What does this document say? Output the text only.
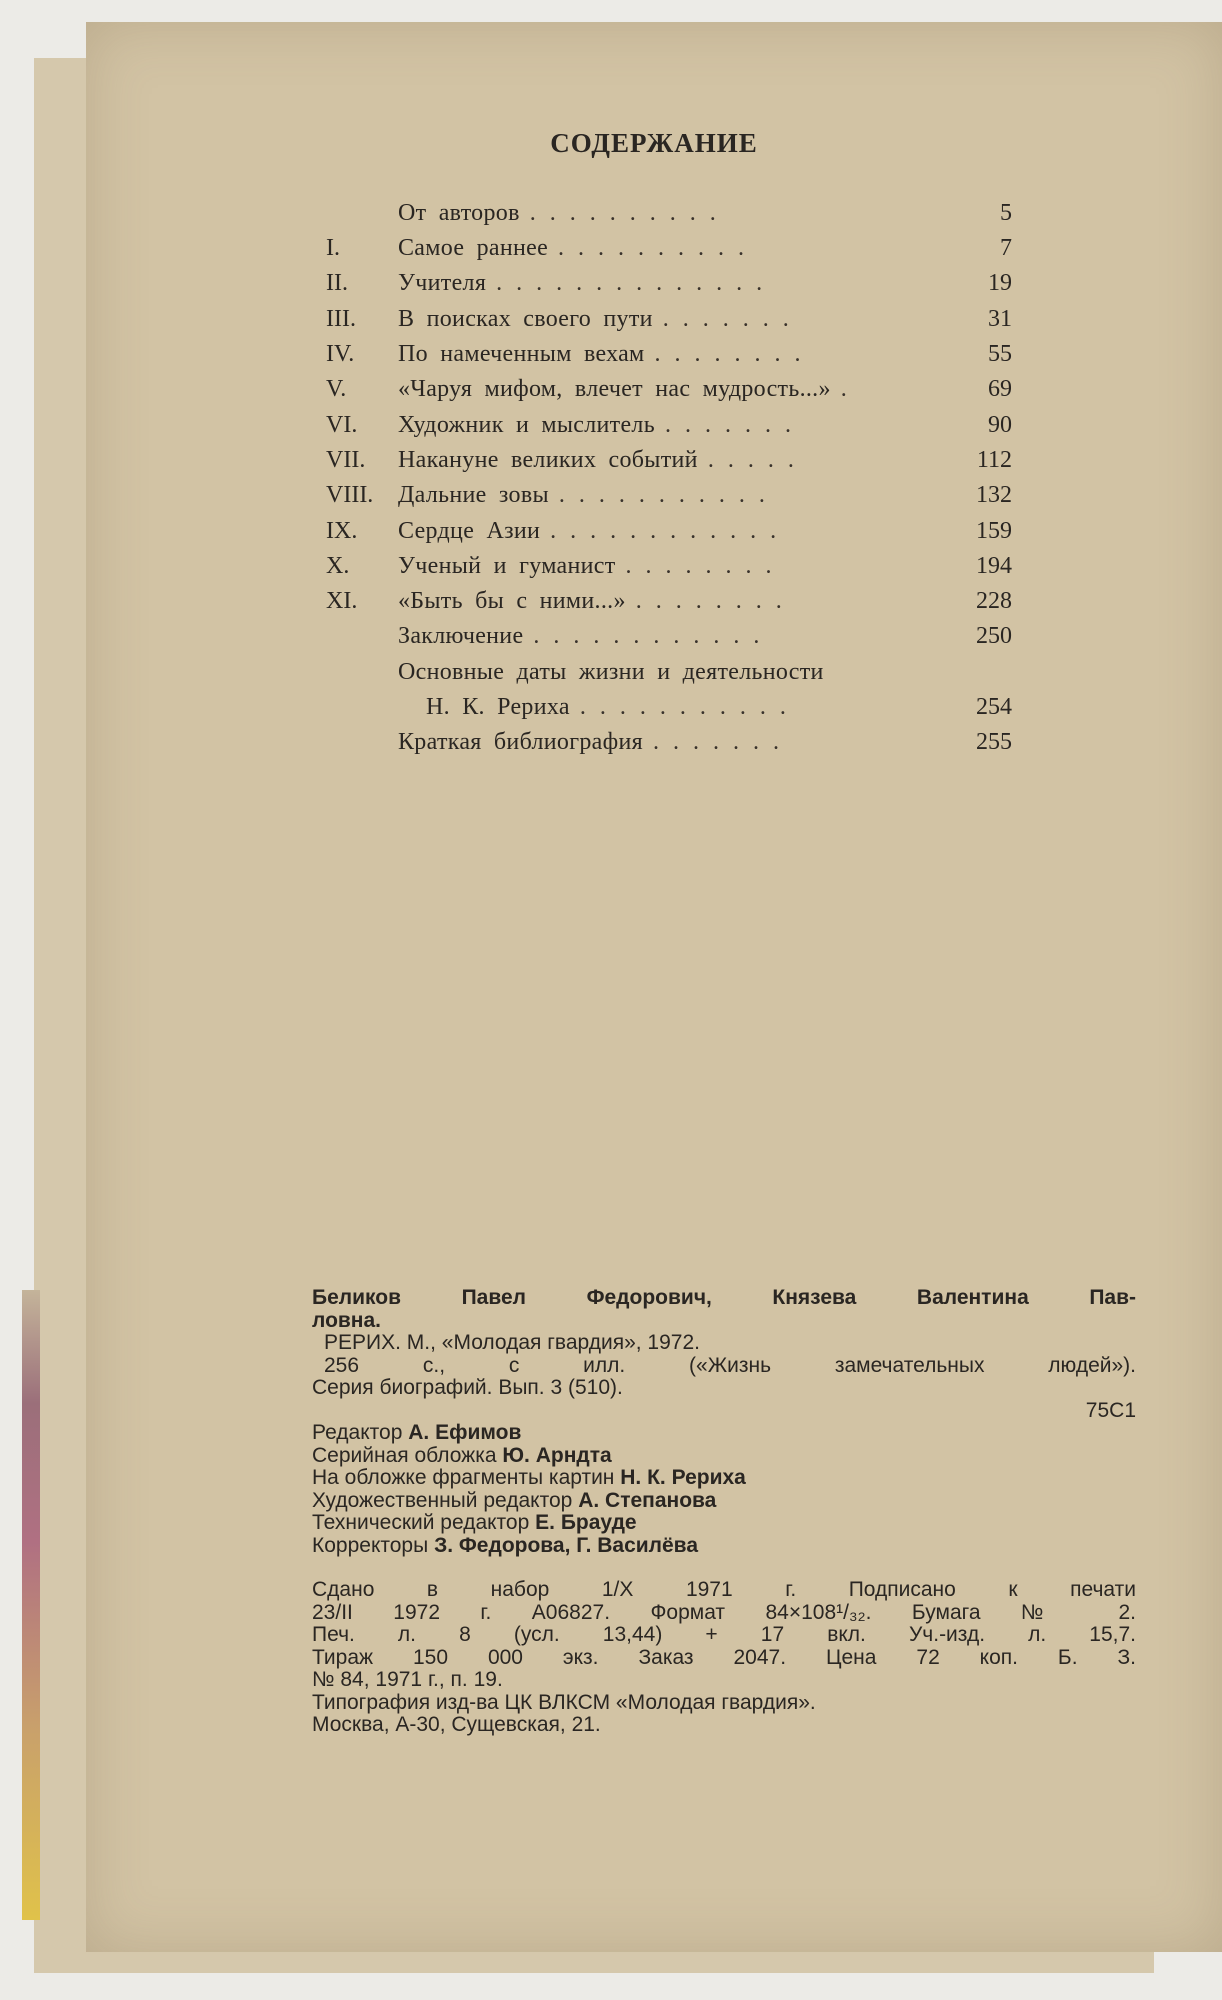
СОДЕРЖАНИЕ
От авторов ..........	5
I.	Самое раннее ..........	7
II.	Учителя ..............	19
III.	В поисках своего пути .......	31
IV.	По намеченным вехам ........	55
V.	«Чаруя мифом, влечет нас мудрость...» .	69
VI.	Художник и мыслитель .......	90
VII.	Накануне великих событий .....	112
VIII.	Дальние зовы ...........	132
IX.	Сердце Азии ............	159
X.	Ученый и гуманист ........	194
XI.	«Быть бы с ними...» ........	228
Заключение ............	250
Основные даты жизни и деятельности
Н. К. Рериха ...........	254
Краткая библиография .......	255
Беликов Павел Федорович, Князева Валентина Пав-
ловна.
РЕРИХ. М., «Молодая гвардия», 1972.
256 с., с илл. («Жизнь замечательных людей»).
Серия биографий. Вып. 3 (510).
75С1
Редактор А. Ефимов
Серийная обложка Ю. Арндта
На обложке фрагменты картин Н. К. Рериха
Художественный редактор А. Степанова
Технический редактор Е. Брауде
Корректоры З. Федорова, Г. Василёва
Сдано в набор 1/Х 1971 г. Подписано к печати
23/II 1972 г. А06827. Формат 84×108¹/₃₂. Бумага № 2.
Печ. л. 8 (усл. 13,44) + 17 вкл. Уч.-изд. л. 15,7.
Тираж 150 000 экз. Заказ 2047. Цена 72 коп. Б. З.
№ 84, 1971 г., п. 19.
Типография изд-ва ЦК ВЛКСМ «Молодая гвардия».
Москва, А-30, Сущевская, 21.
